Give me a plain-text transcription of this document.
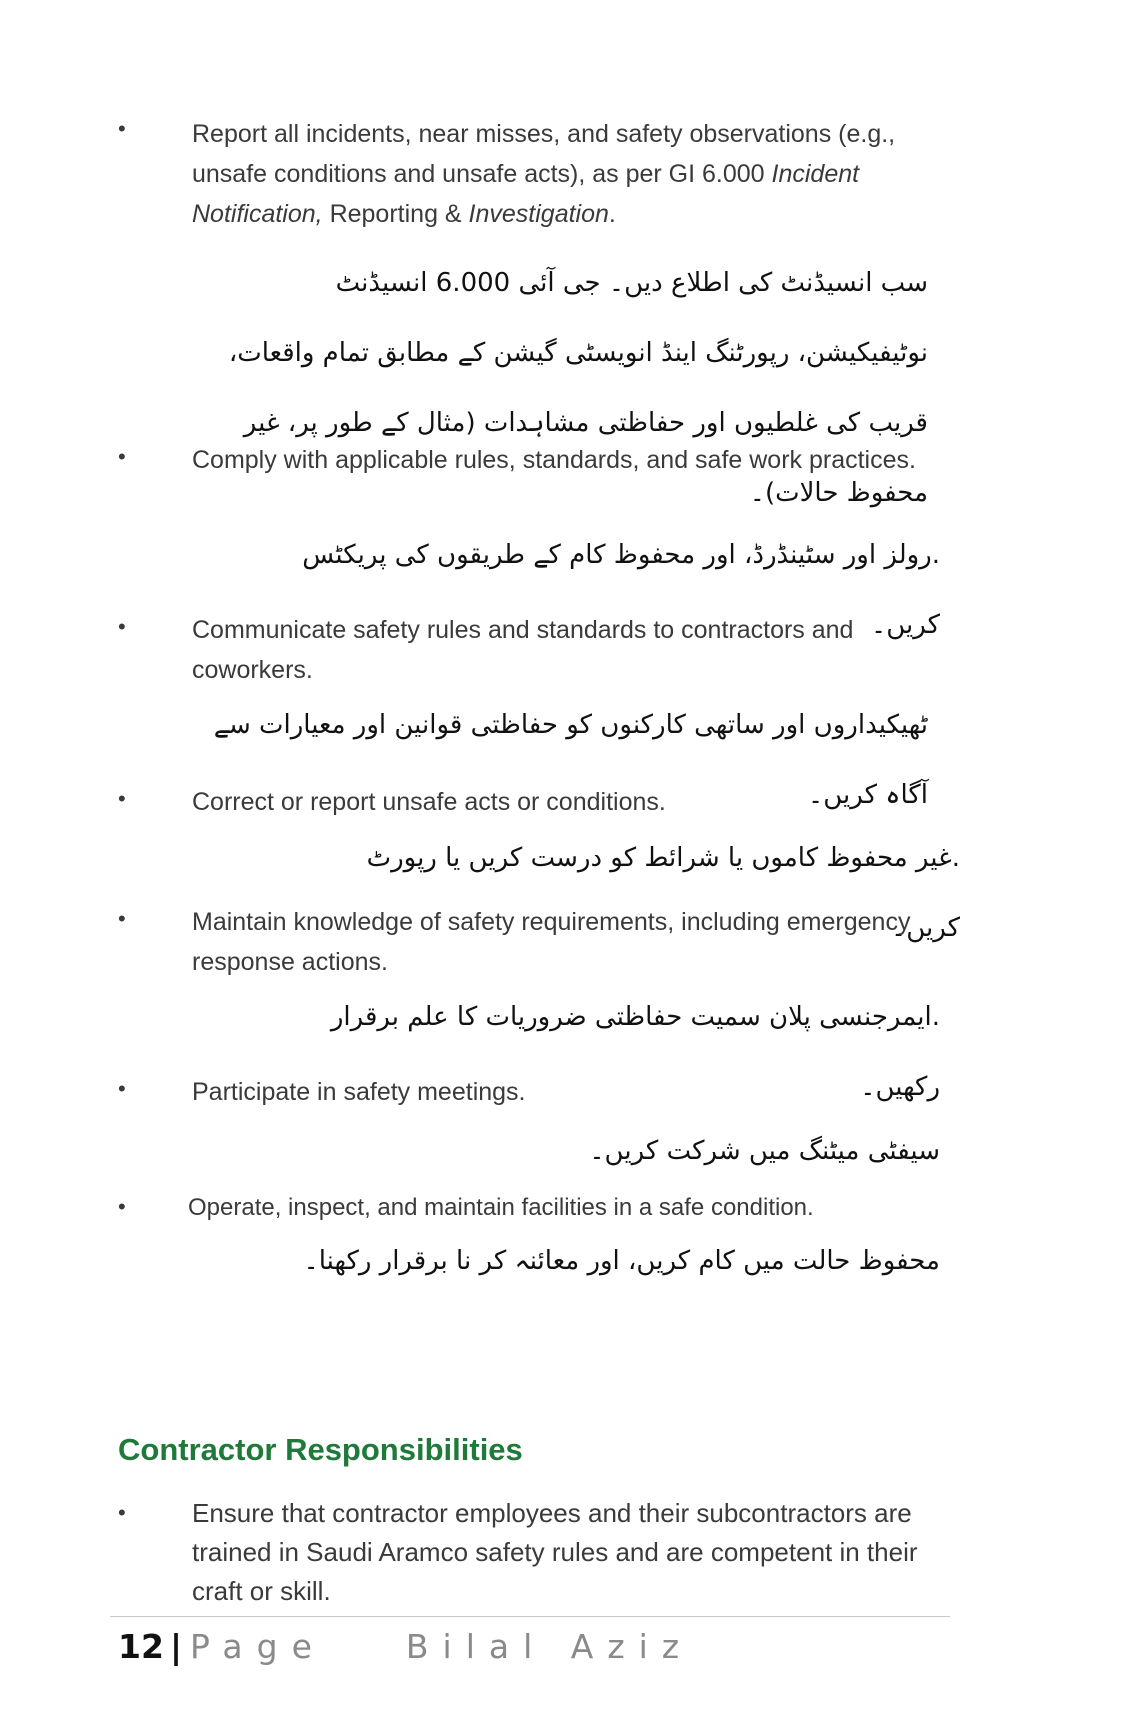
•	Report all incidents, near misses, and safety observations (e.g., unsafe conditions and unsafe acts), as per GI 6.000 Incident Notification, Reporting & Investigation.
سب انسیڈنٹ کی اطلاع دیں۔ جی آئی 6.000 انسیڈنٹ نوٹیفیکیشن، رپورٹنگ اینڈ انویسٹی گیشن کے مطابق تمام واقعات، قریب کی غلطیوں اور حفاظتی مشاہدات (مثال کے طور پر، غیر محفوظ حالات)۔
•	Comply with applicable rules, standards, and safe work practices.
.رولز اور سٹینڈرڈ، اور محفوظ کام کے طریقوں کی پریکٹس کریں۔
•	Communicate safety rules and standards to contractors and coworkers.
ٹھیکیداروں اور ساتھی کارکنوں کو حفاظتی قوانین اور معیارات سے آگاہ کریں۔
•	Correct or report unsafe acts or conditions.
.غیر محفوظ کاموں یا شرائط کو درست کریں یا رپورٹ کریں۔
•	Maintain knowledge of safety requirements, including emergency response actions.
.ایمرجنسی پلان سمیت حفاظتی ضروریات کا علم برقرار رکھیں۔
•	Participate in safety meetings.
سیفٹی میٹنگ میں شرکت کریں۔
•	Operate, inspect, and maintain facilities in a safe condition.
محفوظ حالت میں کام کریں، اور معائنہ کر نا برقرار رکھنا۔
Contractor Responsibilities
•	Ensure that contractor employees and their subcontractors are trained in Saudi Aramco safety rules and are competent in their craft or skill.
12 | Page Bilal Aziz
